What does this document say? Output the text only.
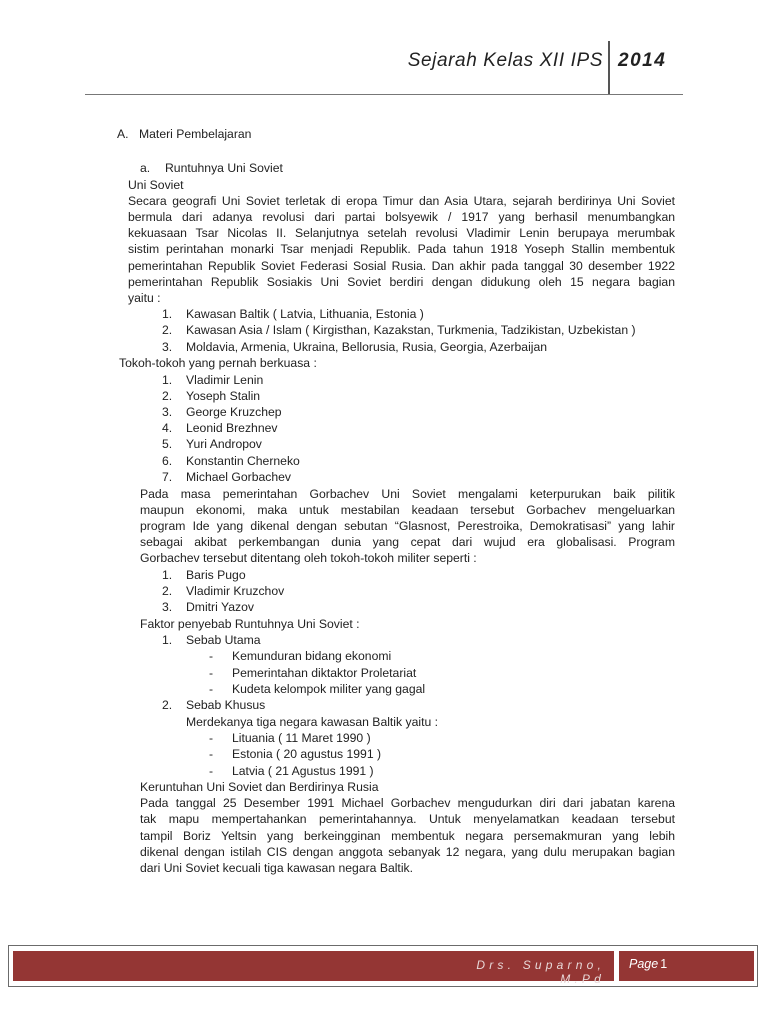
Sejarah Kelas XII IPS 2014
A. Materi Pembelajaran
a. Runtuhnya Uni Soviet
Uni Soviet
Secara geografi Uni Soviet terletak di eropa Timur dan Asia Utara, sejarah berdirinya Uni Soviet
bermula dari adanya revolusi dari partai bolsyewik / 1917 yang berhasil menumbangkan
kekuasaan Tsar Nicolas II. Selanjutnya setelah revolusi Vladimir Lenin berupaya merumbak
sistim perintahan monarki Tsar menjadi Republik. Pada tahun 1918 Yoseph Stallin membentuk
pemerintahan Republik Soviet Federasi Sosial Rusia. Dan akhir pada tanggal 30 desember 1922
pemerintahan Republik Sosiakis Uni Soviet berdiri dengan didukung oleh 15 negara bagian
yaitu :
1. Kawasan Baltik ( Latvia, Lithuania, Estonia )
2. Kawasan Asia / Islam ( Kirgisthan, Kazakstan, Turkmenia, Tadzikistan, Uzbekistan )
3. Moldavia, Armenia, Ukraina, Bellorusia, Rusia, Georgia, Azerbaijan
Tokoh-tokoh yang pernah berkuasa :
1. Vladimir Lenin
2. Yoseph Stalin
3. George Kruzchep
4. Leonid Brezhnev
5. Yuri Andropov
6. Konstantin Cherneko
7. Michael Gorbachev
Pada masa pemerintahan Gorbachev Uni Soviet mengalami keterpurukan baik pilitik
maupun ekonomi, maka untuk mestabilan keadaan tersebut Gorbachev mengeluarkan
program Ide yang dikenal dengan sebutan “Glasnost, Perestroika, Demokratisasi” yang lahir
sebagai akibat perkembangan dunia yang cepat dari wujud era globalisasi. Program
Gorbachev tersebut ditentang oleh tokoh-tokoh militer seperti :
1. Baris Pugo
2. Vladimir Kruzchov
3. Dmitri Yazov
Faktor penyebab Runtuhnya Uni Soviet :
1. Sebab Utama
- Kemunduran bidang ekonomi
- Pemerintahan diktaktor Proletariat
- Kudeta kelompok militer yang gagal
2. Sebab Khusus
Merdekanya tiga negara kawasan Baltik yaitu :
- Lituania ( 11 Maret 1990 )
- Estonia ( 20 agustus 1991 )
- Latvia ( 21 Agustus 1991 )
Keruntuhan Uni Soviet dan Berdirinya Rusia
Pada tanggal 25 Desember 1991 Michael Gorbachev mengudurkan diri dari jabatan karena
tak mapu mempertahankan pemerintahannya. Untuk menyelamatkan keadaan tersebut
tampil Boriz Yeltsin yang berkeingginan membentuk negara persemakmuran yang lebih
dikenal dengan istilah CIS dengan anggota sebanyak 12 negara, yang dulu merupakan bagian
dari Uni Soviet kecuali tiga kawasan negara Baltik.
Drs. Suparno, M.Pd
Page 1
